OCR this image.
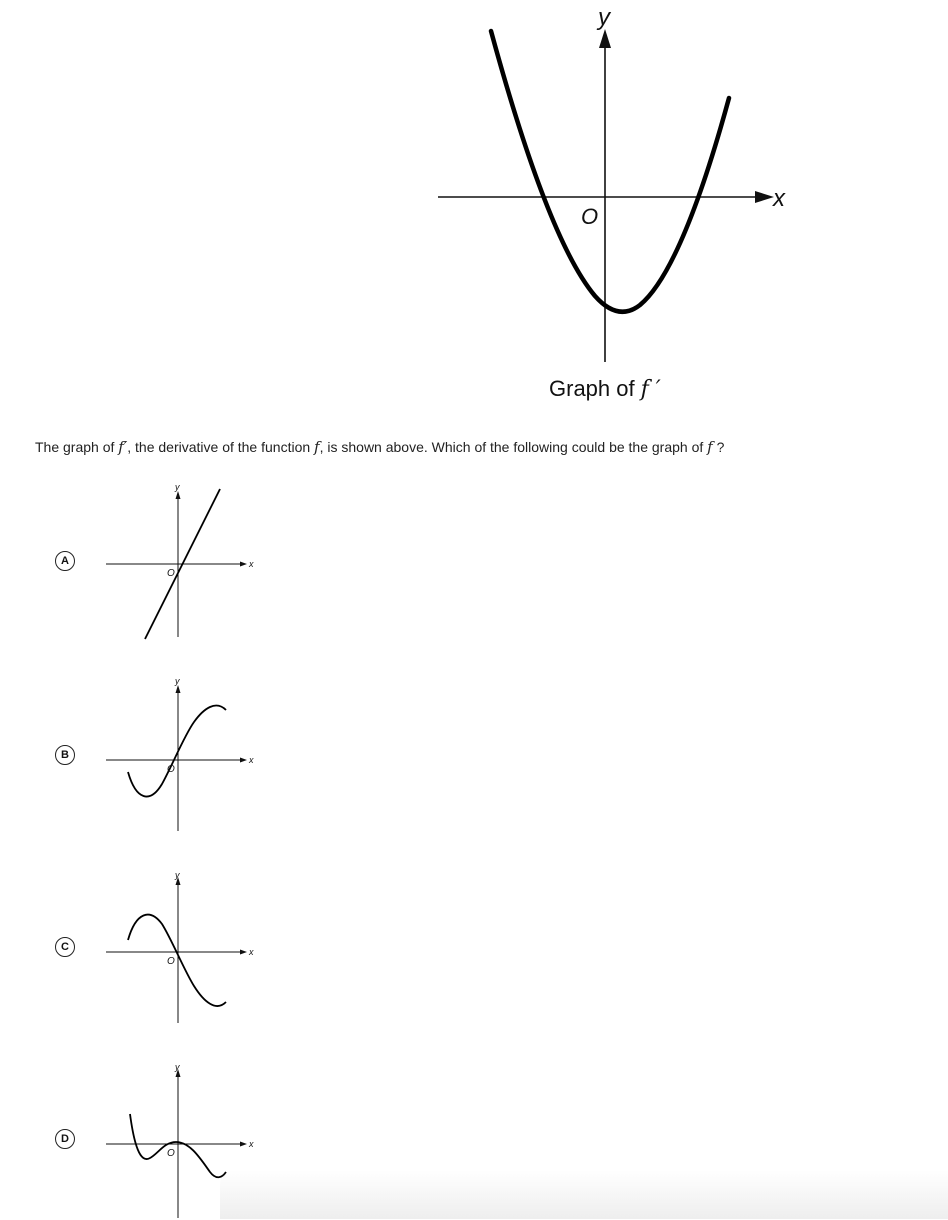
y
x
O
Graph of f ′
The graph of f′, the derivative of the function f, is shown above. Which of the following could be the graph of f ?
A
y
x
O
B
y
x
O
C
y
x
O
D
y
x
O
